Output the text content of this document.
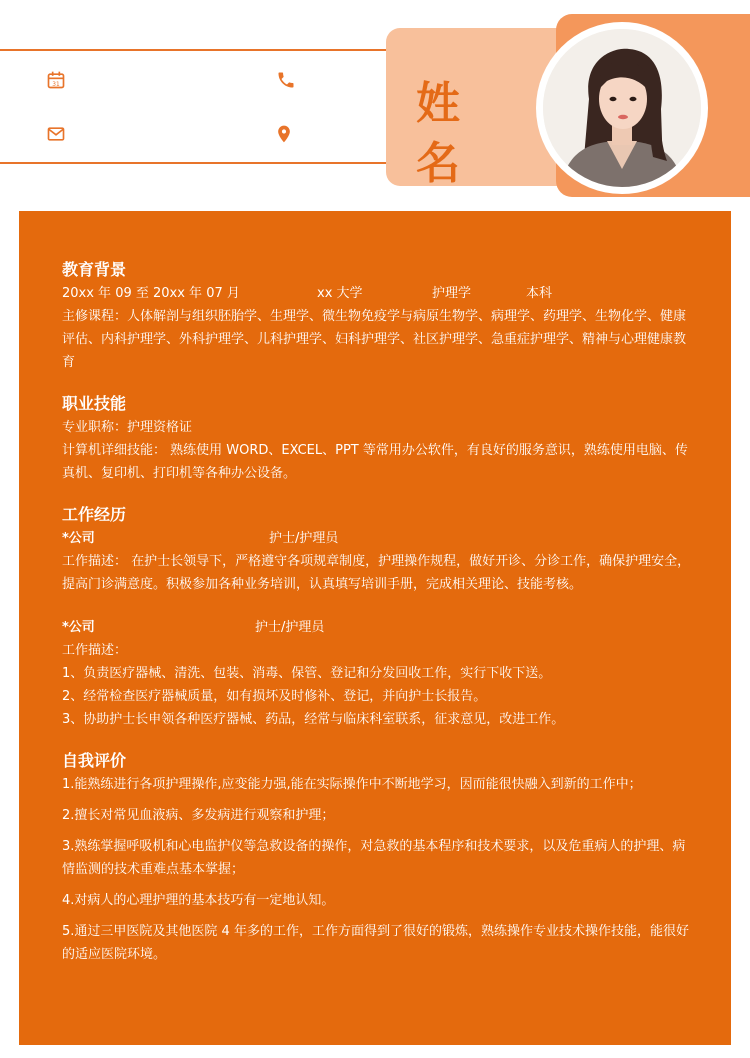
31	姓 名
教育背景
20xx 年 09 至 20xx 年 07 月	xx 大学	护理学	本科

主修课程：人体解剖与组织胚胎学、生理学、微生物免疫学与病原生物学、病理学、药理学、生物化学、健康评估、内科护理学、外科护理学、儿科护理学、妇科护理学、社区护理学、急重症护理学、精神与心理健康教育

职业技能

专业职称：护理资格证

计算机详细技能： 熟练使用 WORD、EXCEL、PPT 等常用办公软件，有良好的服务意识，熟练使用电脑、传真机、复印机、打印机等各种办公设备。

工作经历
*公司	护士/护理员

工作描述： 在护士长领导下，严格遵守各项规章制度，护理操作规程，做好开诊、分诊工作，确保护理安全，提高门诊满意度。积极参加各种业务培训，认真填写培训手册，完成相关理论、技能考核。

*公司	护士/护理员

工作描述：

1、负责医疗器械、清洗、包装、消毒、保管、登记和分发回收工作，实行下收下送。

2、经常检查医疗器械质量，如有损坏及时修补、登记，并向护士长报告。

3、协助护士长申领各种医疗器械、药品，经常与临床科室联系，征求意见，改进工作。

自我评价

1.能熟练进行各项护理操作,应变能力强,能在实际操作中不断地学习，因而能很快融入到新的工作中；

2.擅长对常见血液病、多发病进行观察和护理；

3.熟练掌握呼吸机和心电监护仪等急救设备的操作，对急救的基本程序和技术要求，以及危重病人的护理、病情监测的技术重难点基本掌握；

4.对病人的心理护理的基本技巧有一定地认知。

5.通过三甲医院及其他医院 4 年多的工作，工作方面得到了很好的锻炼，熟练操作专业技术操作技能，能很好的适应医院环境。
